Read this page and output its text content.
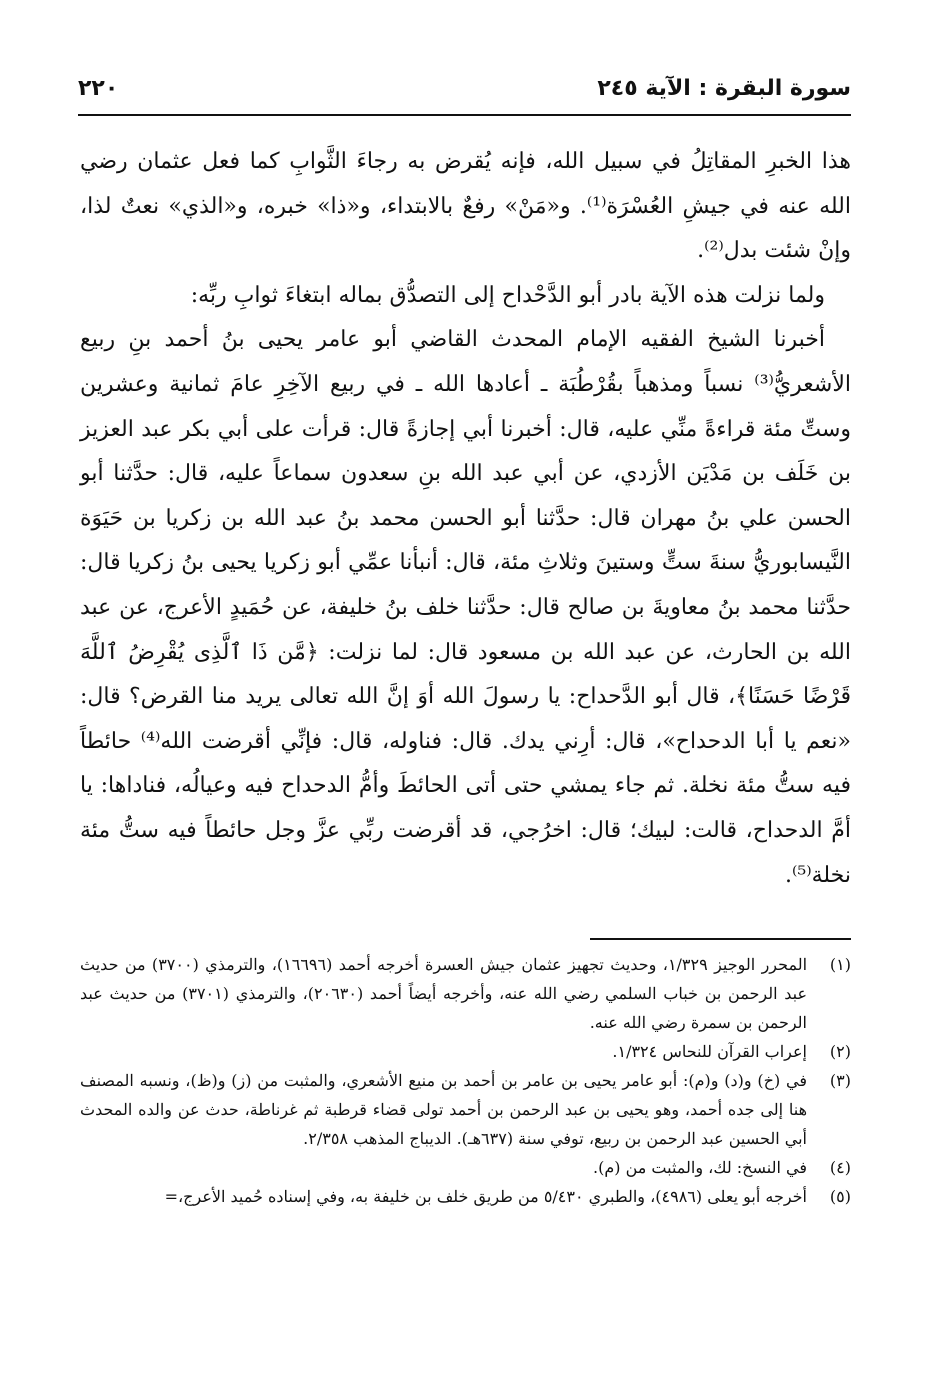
٢٢٠	سورة البقرة : الآية ٢٤٥

هذا الخبرِ المقاتِلُ في سبيل الله، فإنه يُقرض به رجاءَ الثَّوابِ كما فعل عثمان رضي الله عنه في جيشِ العُسْرَة⁽¹⁾. و«مَنْ» رفعٌ بالابتداء، و«ذا» خبره، و«الذي» نعتٌ لذا، وإنْ شئت بدل⁽²⁾.

ولما نزلت هذه الآية بادر أبو الدَّحْداح إلى التصدُّق بماله ابتغاءَ ثوابِ ربِّه:

أخبرنا الشيخ الفقيه الإمام المحدث القاضي أبو عامر يحيى بنُ أحمد بنِ ربيع الأشعريُّ⁽³⁾ نسباً ومذهباً بقُرْطُبَة ـ أعادها الله ـ في ربيع الآخِرِ عامَ ثمانية وعشرين وستِّ مئة قراءةً منِّي عليه، قال: أخبرنا أبي إجازةً قال: قرأت على أبي بكر عبد العزيز بن خَلَف بن مَدْيَن الأزدي، عن أبي عبد الله بنِ سعدون سماعاً عليه، قال: حدَّثنا أبو الحسن علي بنُ مهران قال: حدَّثنا أبو الحسن محمد بنُ عبد الله بن زكريا بن حَيَوَة النَّيسابوريُّ سنةَ ستٍّ وستينَ وثلاثِ مئة، قال: أنبأنا عمِّي أبو زكريا يحيى بنُ زكريا قال: حدَّثنا محمد بنُ معاويةَ بن صالح قال: حدَّثنا خلف بنُ خليفة، عن حُمَيدٍ الأعرج، عن عبد الله بن الحارث، عن عبد الله بن مسعود قال: لما نزلت: ﴿مَّن ذَا ٱلَّذِى يُقْرِضُ ٱللَّهَ قَرْضًا حَسَنًا﴾، قال أبو الدَّحداح: يا رسولَ الله أوَ إنَّ الله تعالى يريد منا القرض؟ قال: «نعم يا أبا الدحداح»، قال: أرِني يدك. قال: فناوله، قال: فإنِّي أقرضت الله⁽⁴⁾ حائطاً فيه ستُّ مئة نخلة. ثم جاء يمشي حتى أتى الحائطَ وأمُّ الدحداح فيه وعيالُه، فناداها: يا أمَّ الدحداح، قالت: لبيك؛ قال: اخرُجي، قد أقرضت ربِّي عزَّ وجل حائطاً فيه ستُّ مئة نخلة⁽⁵⁾.

(١)
المحرر الوجيز ١/٣٢٩، وحديث تجهيز عثمان جيش العسرة أخرجه أحمد (١٦٦٩٦)، والترمذي (٣٧٠٠) من حديث عبد الرحمن بن خباب السلمي رضي الله عنه، وأخرجه أيضاً أحمد (٢٠٦٣٠)، والترمذي (٣٧٠١) من حديث عبد الرحمن بن سمرة رضي الله عنه.
(٢)
إعراب القرآن للنحاس ١/٣٢٤.
(٣)
في (خ) و(د) و(م): أبو عامر يحيى بن عامر بن أحمد بن منيع الأشعري، والمثبت من (ز) و(ظ)، ونسبه المصنف هنا إلى جده أحمد، وهو يحيى بن عبد الرحمن بن أحمد تولى قضاء قرطبة ثم غرناطة، حدث عن والده المحدث أبي الحسين عبد الرحمن بن ربيع، توفي سنة (٦٣٧هـ). الديباج المذهب ٢/٣٥٨.
(٤)
في النسخ: لك، والمثبت من (م).
(٥)
أخرجه أبو يعلى (٤٩٨٦)، والطبري ٥/٤٣٠ من طريق خلف بن خليفة به، وفي إسناده حُميد الأعرج،=
